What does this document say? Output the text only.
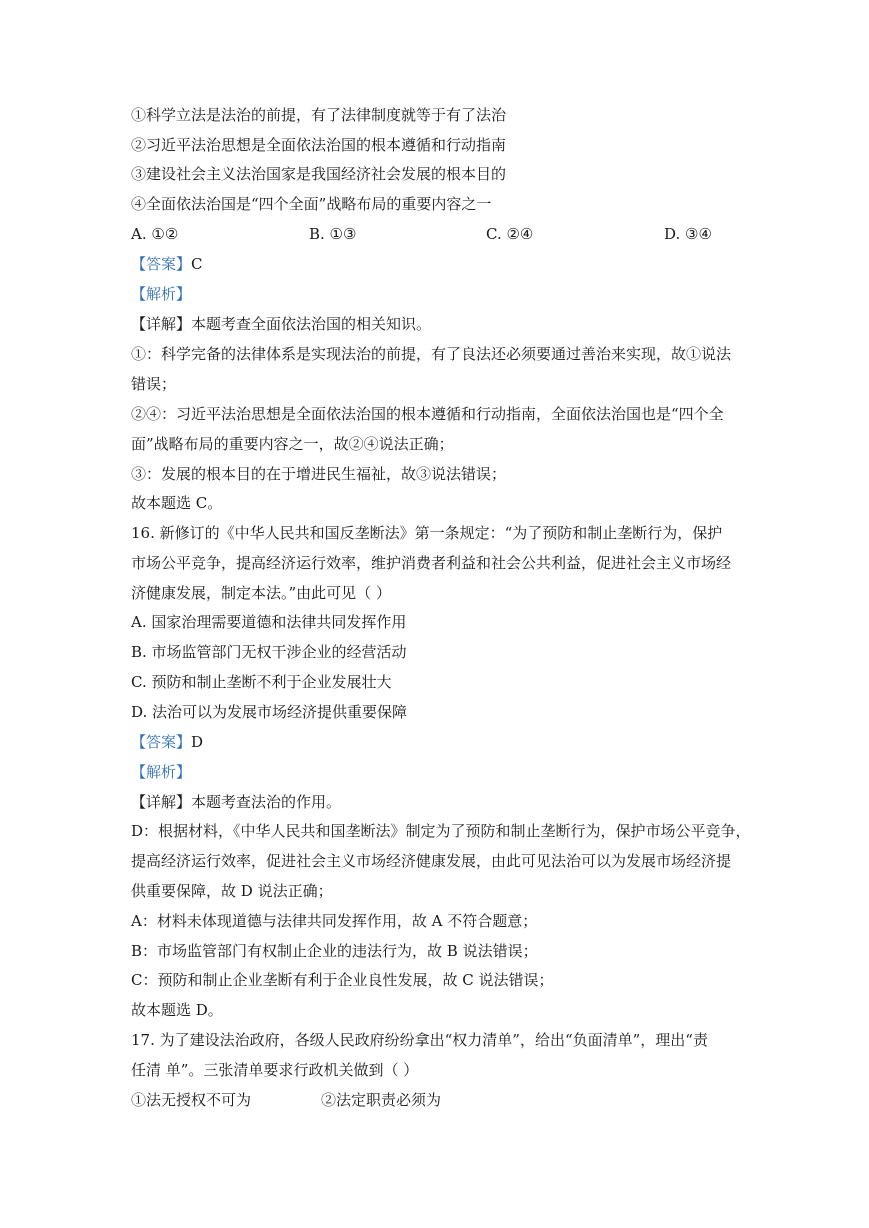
①科学立法是法治的前提，有了法律制度就等于有了法治
②习近平法治思想是全面依法治国的根本遵循和行动指南
③建设社会主义法治国家是我国经济社会发展的根本目的
④全面依法治国是“四个全面”战略布局的重要内容之一
A. ①②	B. ①③	C. ②④	D. ③④
【答案】C
【解析】
【详解】本题考查全面依法治国的相关知识。
①：科学完备的法律体系是实现法治的前提，有了良法还必须要通过善治来实现，故①说法
错误；
②④：习近平法治思想是全面依法治国的根本遵循和行动指南，全面依法治国也是“四个全
面”战略布局的重要内容之一，故②④说法正确；
③：发展的根本目的在于增进民生福祉，故③说法错误；
故本题选 C。
16. 新修订的《中华人民共和国反垄断法》第一条规定：“为了预防和制止垄断行为，保护
市场公平竞争，提高经济运行效率，维护消费者利益和社会公共利益，促进社会主义市场经
济健康发展，制定本法。”由此可见（ ）
A. 国家治理需要道德和法律共同发挥作用
B. 市场监管部门无权干涉企业的经营活动
C. 预防和制止垄断不利于企业发展壮大
D. 法治可以为发展市场经济提供重要保障
【答案】D
【解析】
【详解】本题考查法治的作用。
D：根据材料，《中华人民共和国垄断法》制定为了预防和制止垄断行为，保护市场公平竞争，
提高经济运行效率，促进社会主义市场经济健康发展，由此可见法治可以为发展市场经济提
供重要保障，故 D 说法正确；
A：材料未体现道德与法律共同发挥作用，故 A 不符合题意；
B：市场监管部门有权制止企业的违法行为，故 B 说法错误；
C：预防和制止企业垄断有利于企业良性发展，故 C 说法错误；
故本题选 D。
17. 为了建设法治政府，各级人民政府纷纷拿出“权力清单”，给出“负面清单”，理出“责
任清 单”。三张清单要求行政机关做到（ ）
①法无授权不可为	②法定职责必须为
